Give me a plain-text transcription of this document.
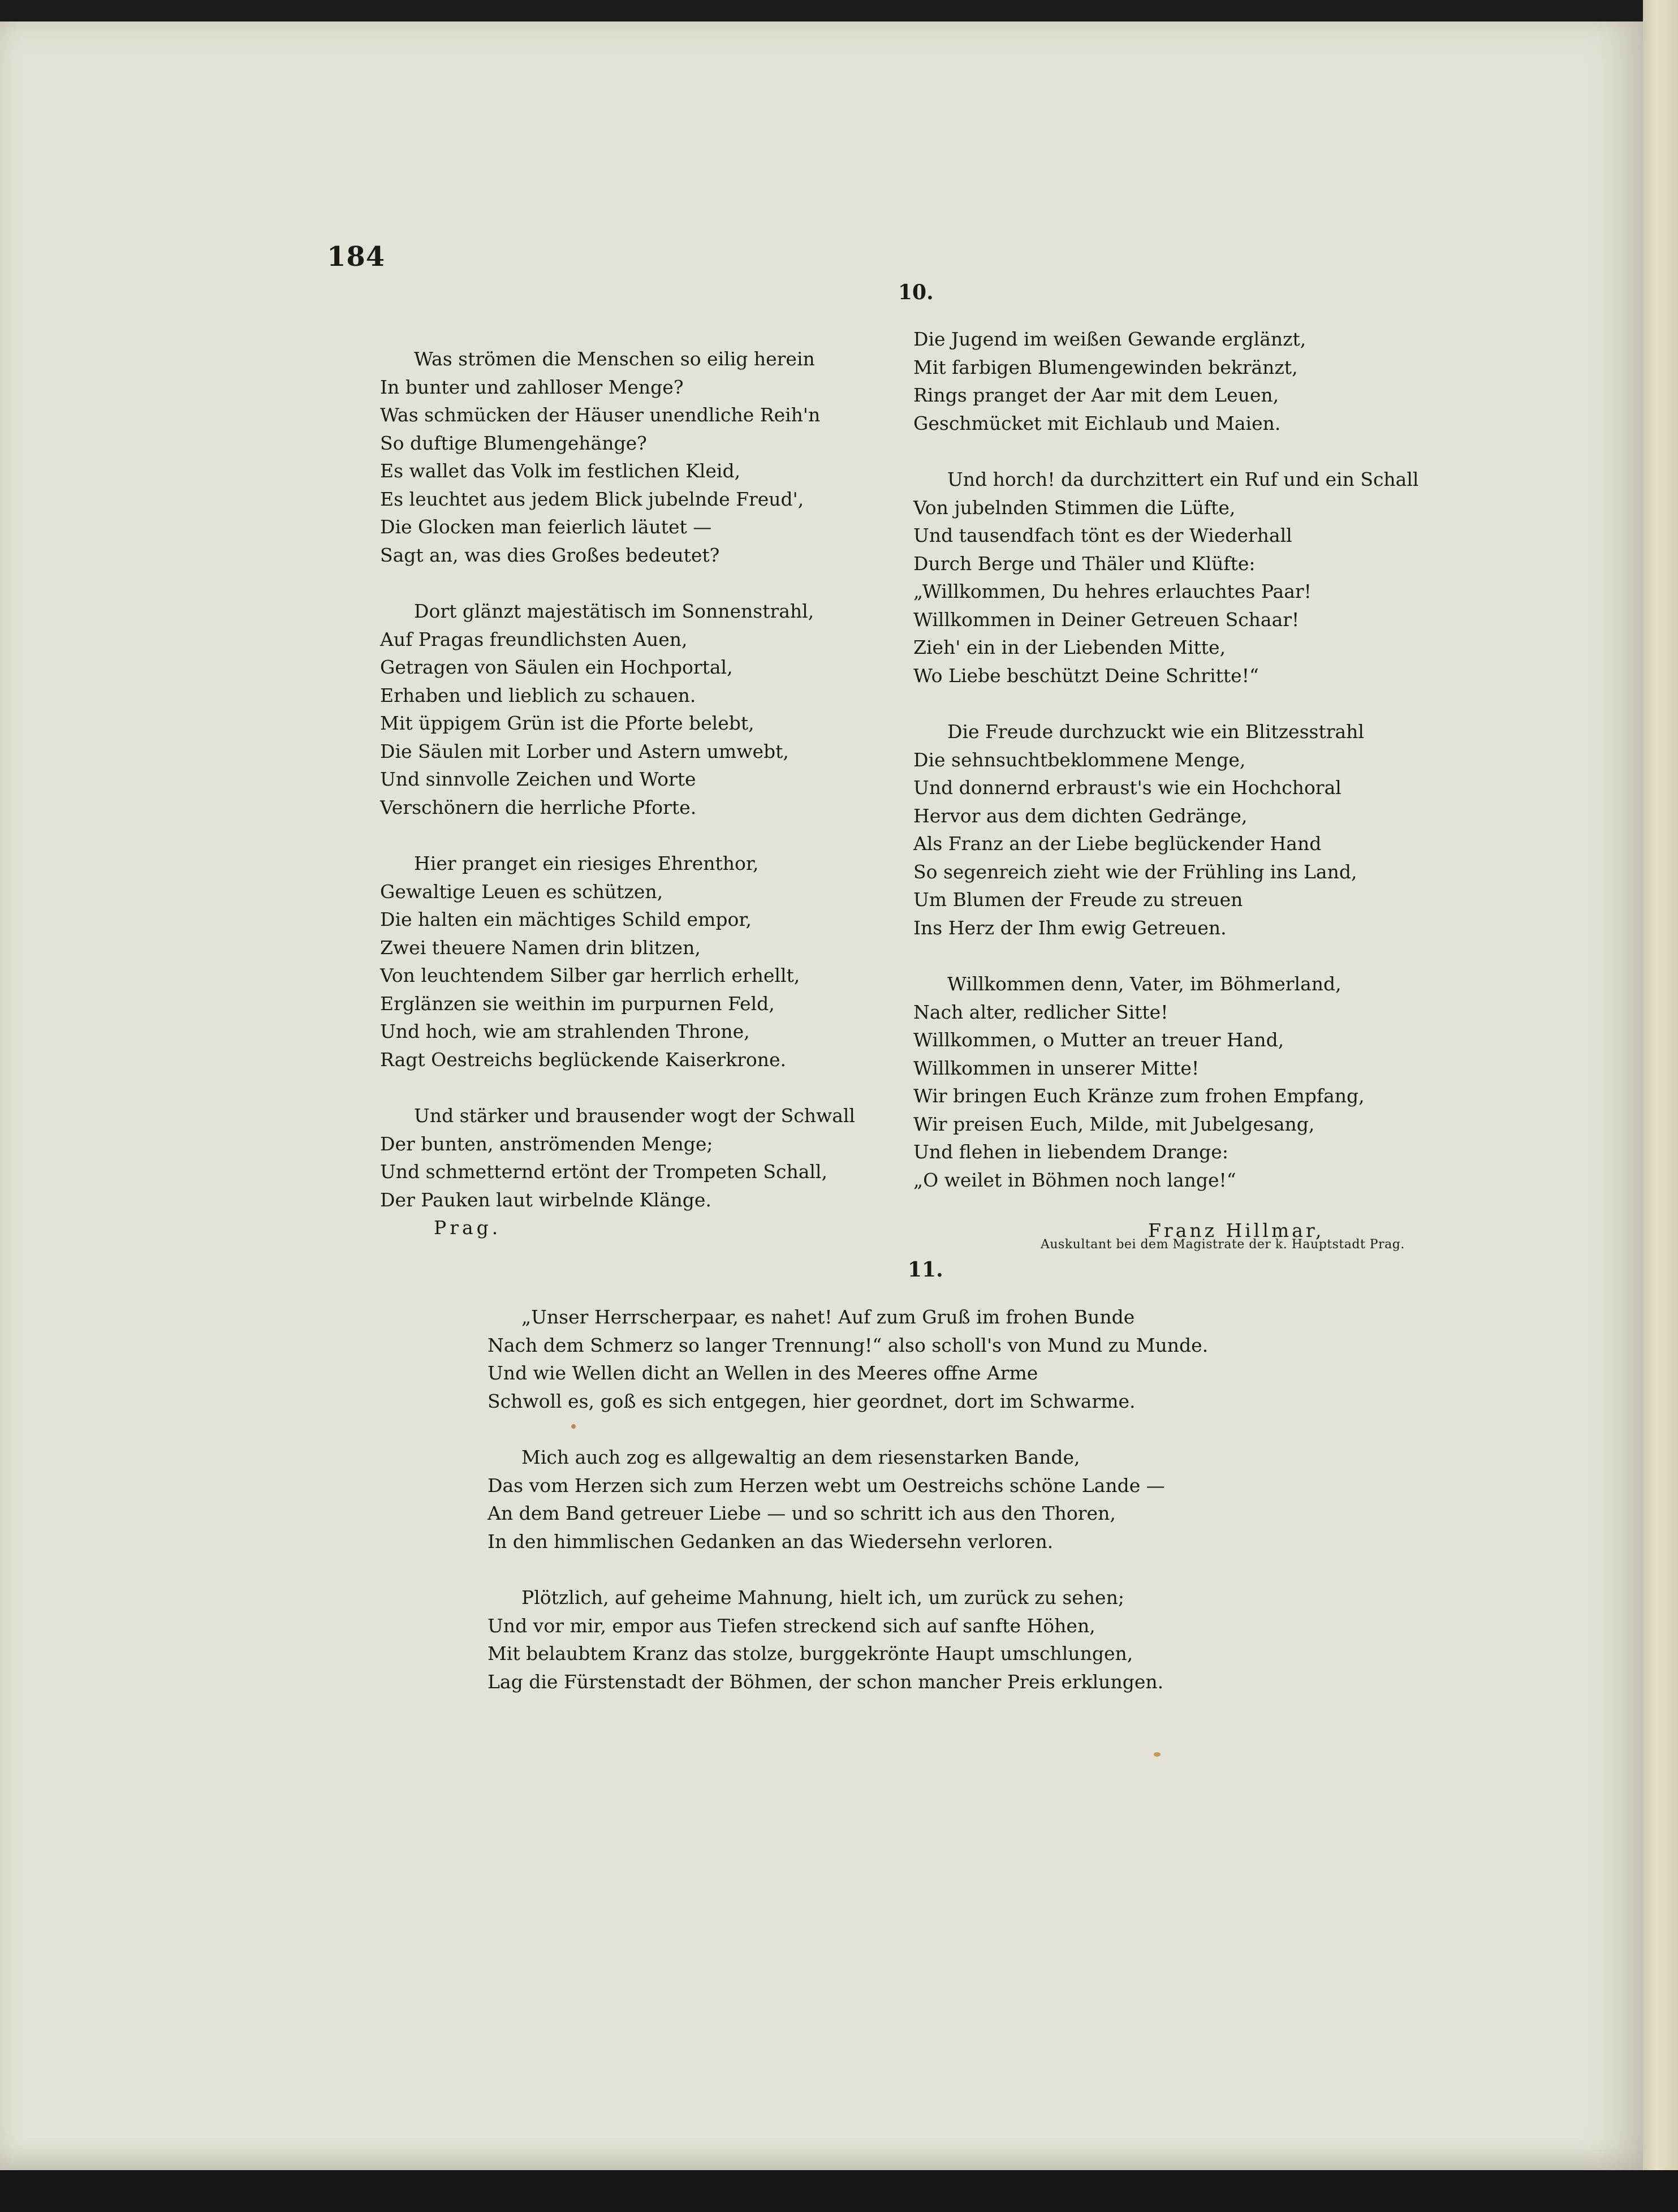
184
Was strömen die Menschen so eilig herein
In bunter und zahlloser Menge?
Was schmücken der Häuser unendliche Reih'n
So duftige Blumengehänge?
Es wallet das Volk im festlichen Kleid,
Es leuchtet aus jedem Blick jubelnde Freud',
Die Glocken man feierlich läutet —
Sagt an, was dies Großes bedeutet?
Dort glänzt majestätisch im Sonnenstrahl,
Auf Pragas freundlichsten Auen,
Getragen von Säulen ein Hochportal,
Erhaben und lieblich zu schauen.
Mit üppigem Grün ist die Pforte belebt,
Die Säulen mit Lorber und Astern umwebt,
Und sinnvolle Zeichen und Worte
Verschönern die herrliche Pforte.
Hier pranget ein riesiges Ehrenthor,
Gewaltige Leuen es schützen,
Die halten ein mächtiges Schild empor,
Zwei theuere Namen drin blitzen,
Von leuchtendem Silber gar herrlich erhellt,
Erglänzen sie weithin im purpurnen Feld,
Und hoch, wie am strahlenden Throne,
Ragt Oestreichs beglückende Kaiserkrone.
Und stärker und brausender wogt der Schwall
Der bunten, anströmenden Menge;
Und schmetternd ertönt der Trompeten Schall,
Der Pauken laut wirbelnde Klänge.
Prag.
10.
Die Jugend im weißen Gewande erglänzt,
Mit farbigen Blumengewinden bekränzt,
Rings pranget der Aar mit dem Leuen,
Geschmücket mit Eichlaub und Maien.
Und horch! da durchzittert ein Ruf und ein Schall
Von jubelnden Stimmen die Lüfte,
Und tausendfach tönt es der Wiederhall
Durch Berge und Thäler und Klüfte:
„Willkommen, Du hehres erlauchtes Paar!
Willkommen in Deiner Getreuen Schaar!
Zieh' ein in der Liebenden Mitte,
Wo Liebe beschützt Deine Schritte!“
Die Freude durchzuckt wie ein Blitzesstrahl
Die sehnsuchtbeklommene Menge,
Und donnernd erbraust's wie ein Hochchoral
Hervor aus dem dichten Gedränge,
Als Franz an der Liebe beglückender Hand
So segenreich zieht wie der Frühling ins Land,
Um Blumen der Freude zu streuen
Ins Herz der Ihm ewig Getreuen.
Willkommen denn, Vater, im Böhmerland,
Nach alter, redlicher Sitte!
Willkommen, o Mutter an treuer Hand,
Willkommen in unserer Mitte!
Wir bringen Euch Kränze zum frohen Empfang,
Wir preisen Euch, Milde, mit Jubelgesang,
Und flehen in liebendem Drange:
„O weilet in Böhmen noch lange!“
Franz Hillmar,
Auskultant bei dem Magistrate der k. Hauptstadt Prag.
11.
„Unser Herrscherpaar, es nahet! Auf zum Gruß im frohen Bunde
Nach dem Schmerz so langer Trennung!“ also scholl's von Mund zu Munde.
Und wie Wellen dicht an Wellen in des Meeres offne Arme
Schwoll es, goß es sich entgegen, hier geordnet, dort im Schwarme.
Mich auch zog es allgewaltig an dem riesenstarken Bande,
Das vom Herzen sich zum Herzen webt um Oestreichs schöne Lande —
An dem Band getreuer Liebe — und so schritt ich aus den Thoren,
In den himmlischen Gedanken an das Wiedersehn verloren.
Plötzlich, auf geheime Mahnung, hielt ich, um zurück zu sehen;
Und vor mir, empor aus Tiefen streckend sich auf sanfte Höhen,
Mit belaubtem Kranz das stolze, burggekrönte Haupt umschlungen,
Lag die Fürstenstadt der Böhmen, der schon mancher Preis erklungen.
